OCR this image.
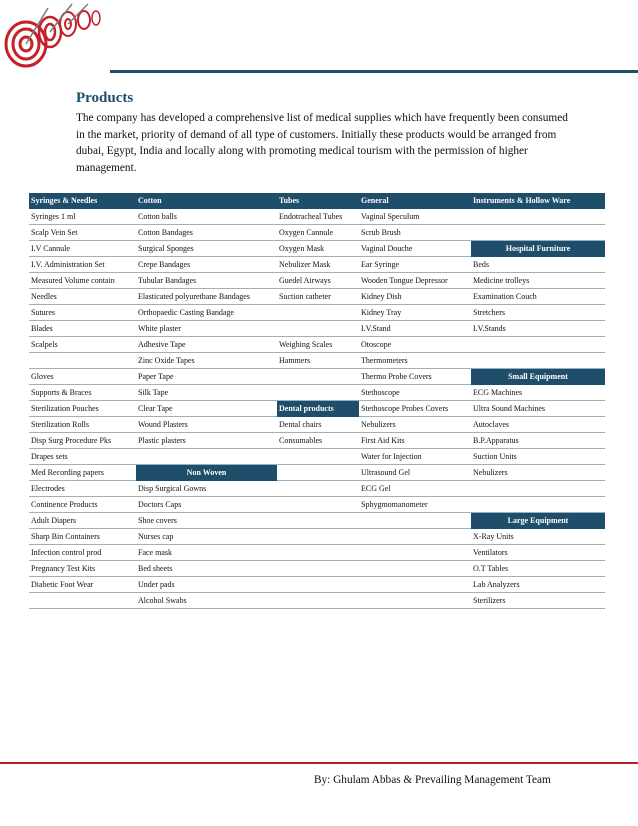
Products

The company has developed a comprehensive list of medical supplies which have frequently been consumed in the market, priority of demand of all type of customers. Initially these products would be arranged from dubai, Egypt, India and locally along with promoting medical tourism with the permission of higher management.

Syringes & Needles	Cotton	Tubes	General	Instruments & Hollow Ware
Syringes 1 ml	Cotton balls	Endotracheal Tubes	Vaginal Speculum	
Scalp Vein Set	Cotton Bandages	Oxygen Cannule	Scrub Brush	
I.V Cannule	Surgical Sponges	Oxygen Mask	Vaginal Douche	Hospital Furniture
I.V. Administration Set	Crepe Bandages	Nebulizer Mask	Ear Syringe	Beds
Measured Volume contain	Tubular Bandages	Guedel Airways	Wooden Tongue Depressor	Medicine trolleys
Needles	Elasticated polyurethane Bandages	Suction catheter	Kidney Dish	Examination Couch
Sutures	Orthopaedic Casting Bandage		Kidney Tray	Stretchers
Blades	White plaster		I.V.Stand	I.V.Stands
Scalpels	Adhesive Tape	Weighing Scales	Otoscope	
	Zinc Oxide Tapes	Hammers	Thermometers	
Gloves	Paper Tape		Thermo Probe Covers	Small Equipment
Supports & Braces	Silk Tape		Stethoscope	ECG Machines
Sterilization Pouches	Clear Tape	Dental products	Stethoscope Probes Covers	Ultra Sound Machines
Sterilization Rolls	Wound Plasters	Dental chairs	Nebulizers	Autoclaves
Disp Surg Procedure Pks	Plastic plasters	Consumables	First Aid Kits	B.P.Apparatus
Drapes sets			Water for Injection	Suction Units
Med Recording papers	Non Woven		Ultrasound Gel	Nebulizers
Electrodes	Disp Surgical Gowns		ECG Gel	
Continence Products	Doctors Caps		Sphygmomanometer	
Adult Diapers	Shoe covers			Large Equipment
Sharp Bin Containers	Nurses cap			X-Ray Units
Infection control prod	Face mask			Ventilators
Pregnancy Test Kits	Bed sheets			O.T Tables
Diabetic Foot Wear	Under pads			Lab Analyzers
	Alcohol Swabs			Sterilizers
By: Ghulam Abbas & Prevailing Management Team
